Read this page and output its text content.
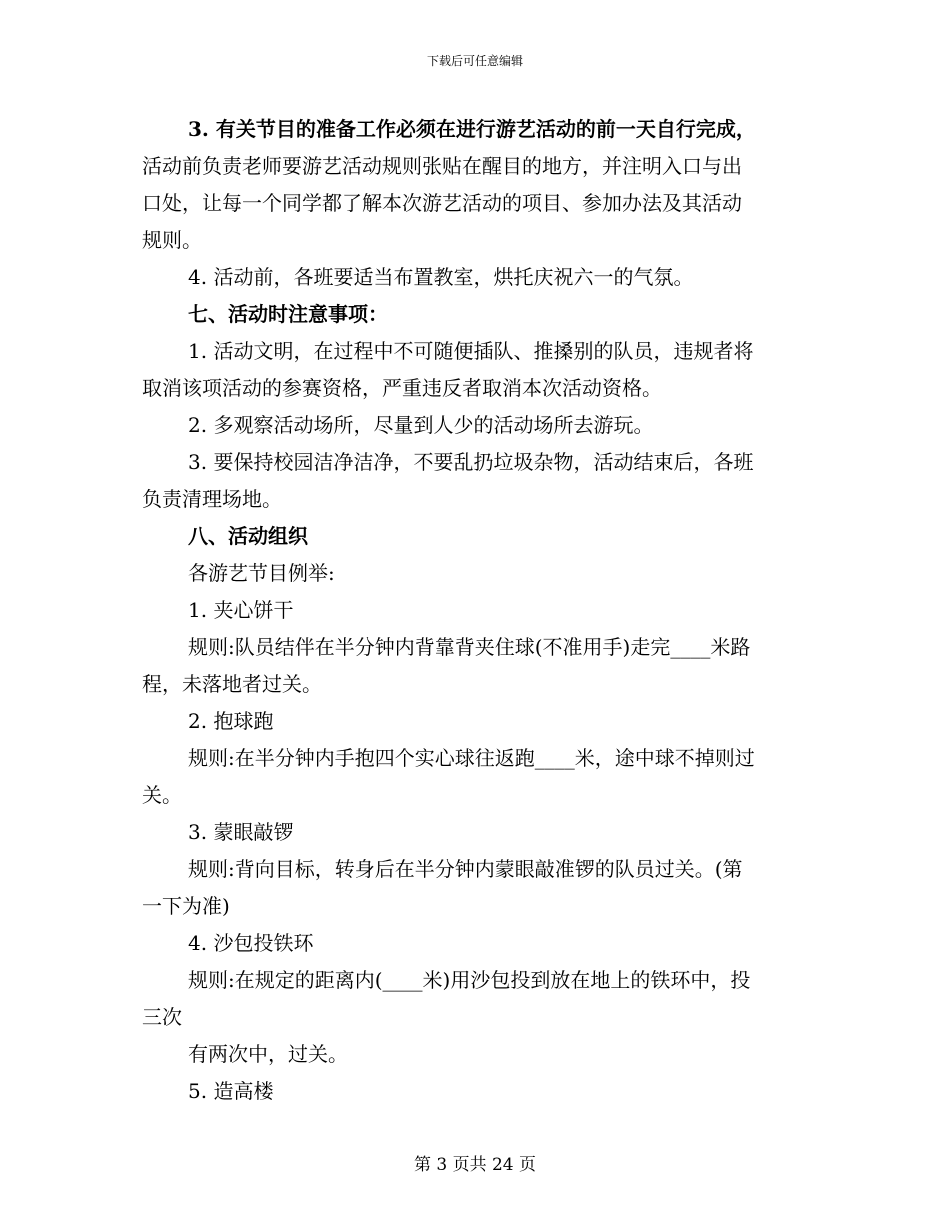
下载后可任意编辑
3. 有关节目的准备工作必须在进行游艺活动的前一天自行完成，
活动前负责老师要游艺活动规则张贴在醒目的地方，并注明入口与出
口处，让每一个同学都了解本次游艺活动的项目、参加办法及其活动
规则。
4. 活动前，各班要适当布置教室，烘托庆祝六一的气氛。
七、活动时注意事项：
1. 活动文明，在过程中不可随便插队、推搡别的队员，违规者将
取消该项活动的参赛资格，严重违反者取消本次活动资格。
2. 多观察活动场所，尽量到人少的活动场所去游玩。
3. 要保持校园洁净洁净，不要乱扔垃圾杂物，活动结束后，各班
负责清理场地。
八、活动组织
各游艺节目例举:
1. 夹心饼干
规则:队员结伴在半分钟内背靠背夹住球(不准用手)走完____米路
程，未落地者过关。
2. 抱球跑
规则:在半分钟内手抱四个实心球往返跑____米，途中球不掉则过
关。
3. 蒙眼敲锣
规则:背向目标，转身后在半分钟内蒙眼敲准锣的队员过关。(第
一下为准)
4. 沙包投铁环
规则:在规定的距离内(____米)用沙包投到放在地上的铁环中，投
三次
有两次中，过关。
5. 造高楼
第 3 页共 24 页
